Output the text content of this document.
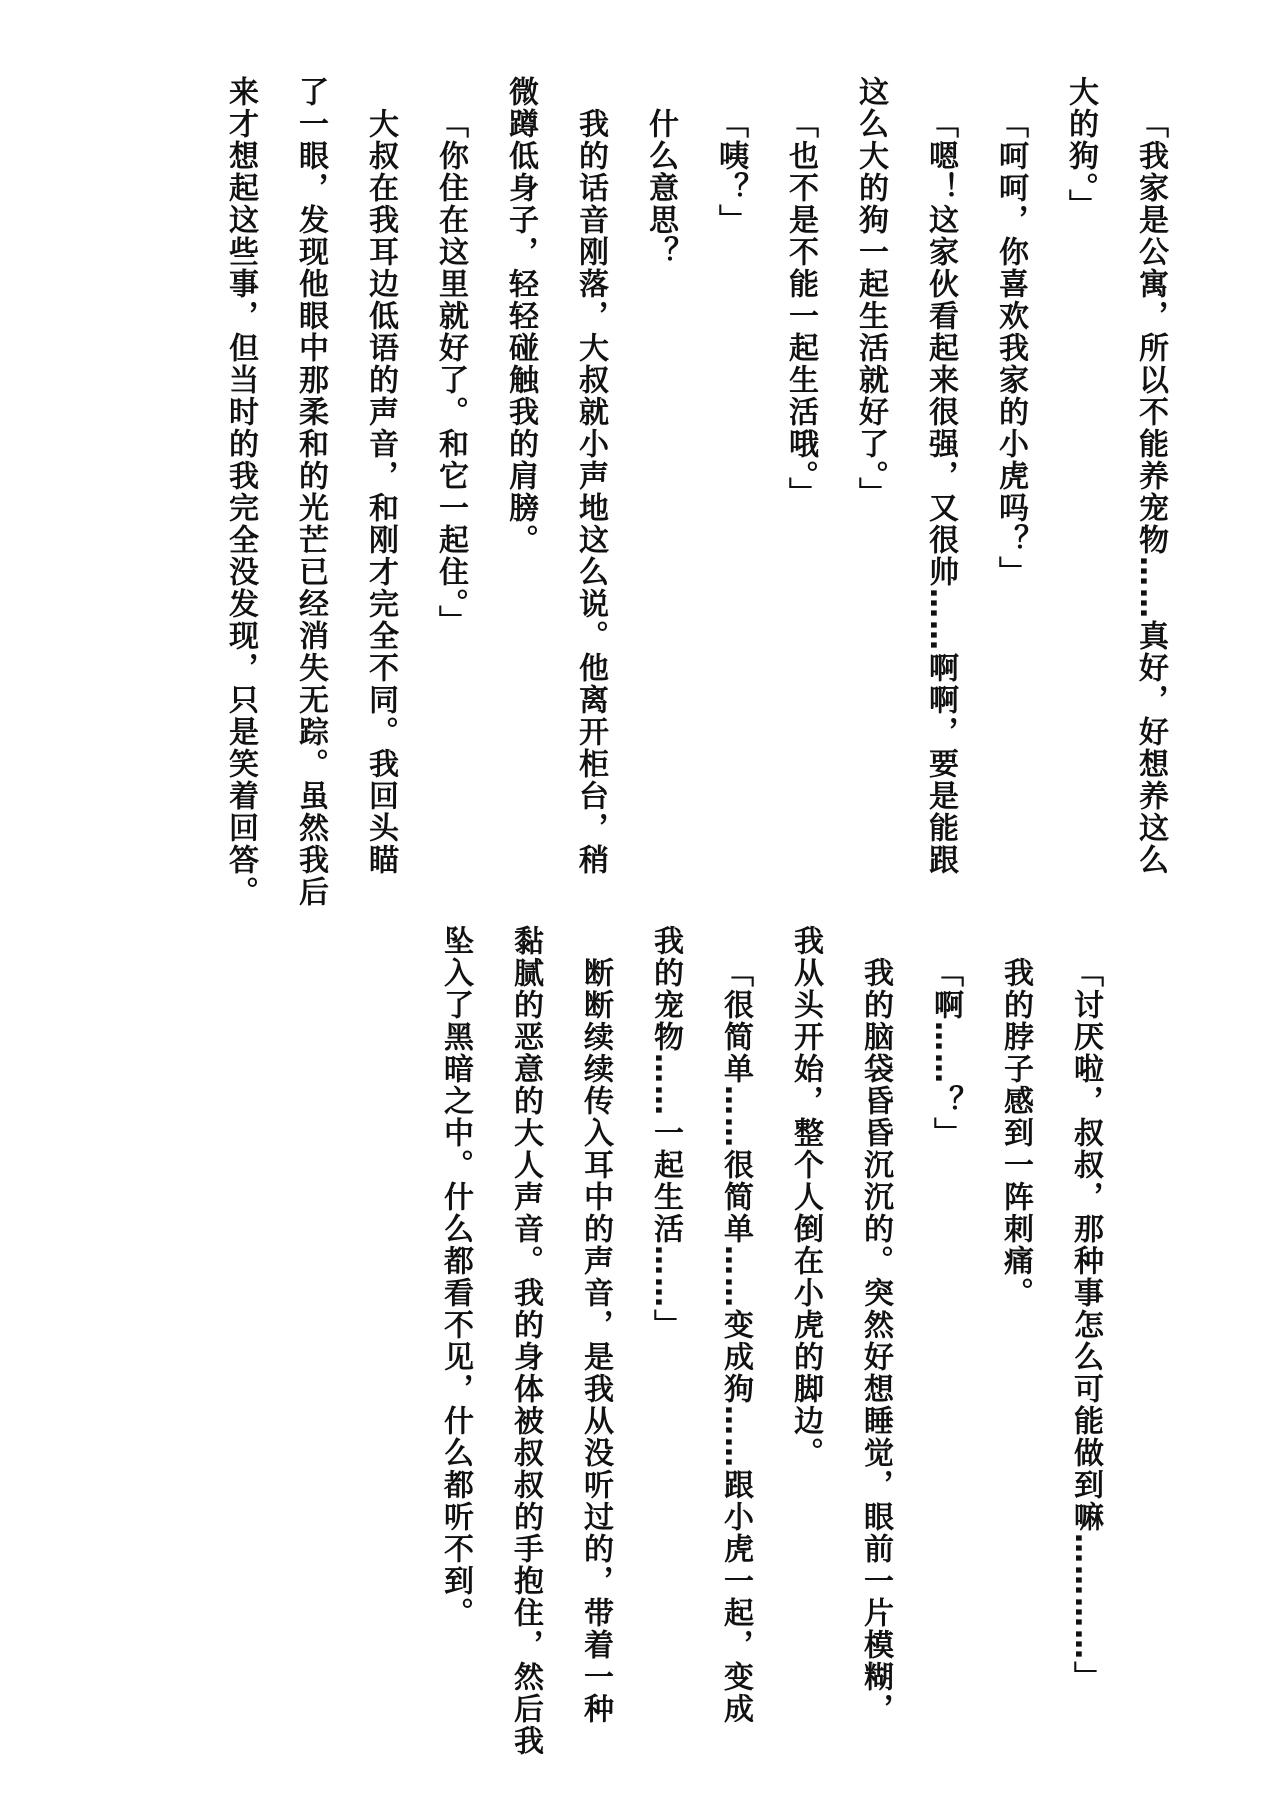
「我家是公寓，所以不能养宠物……真好，好想养这么
大的狗。」
「呵呵，你喜欢我家的小虎吗？」
「嗯！这家伙看起来很强，又很帅……啊啊，要是能跟
这么大的狗一起生活就好了。」
「也不是不能一起生活哦。」
「咦？」
什么意思？
我的话音刚落，大叔就小声地这么说。他离开柜台，稍
微蹲低身子，轻轻碰触我的肩膀。
「你住在这里就好了。和它一起住。」
大叔在我耳边低语的声音，和刚才完全不同。我回头瞄
了一眼，发现他眼中那柔和的光芒已经消失无踪。虽然我后
来才想起这些事，但当时的我完全没发现，只是笑着回答。
「讨厌啦，叔叔，那种事怎么可能做到嘛…………」
我的脖子感到一阵刺痛。
「啊……？」
我的脑袋昏昏沉沉的。突然好想睡觉，眼前一片模糊，
我从头开始，整个人倒在小虎的脚边。
「很简单……很简单……变成狗……跟小虎一起，变成
我的宠物……一起生活……」
断断续续传入耳中的声音，是我从没听过的，带着一种
黏腻的恶意的大人声音。我的身体被叔叔的手抱住，然后我
坠入了黑暗之中。什么都看不见，什么都听不到。
